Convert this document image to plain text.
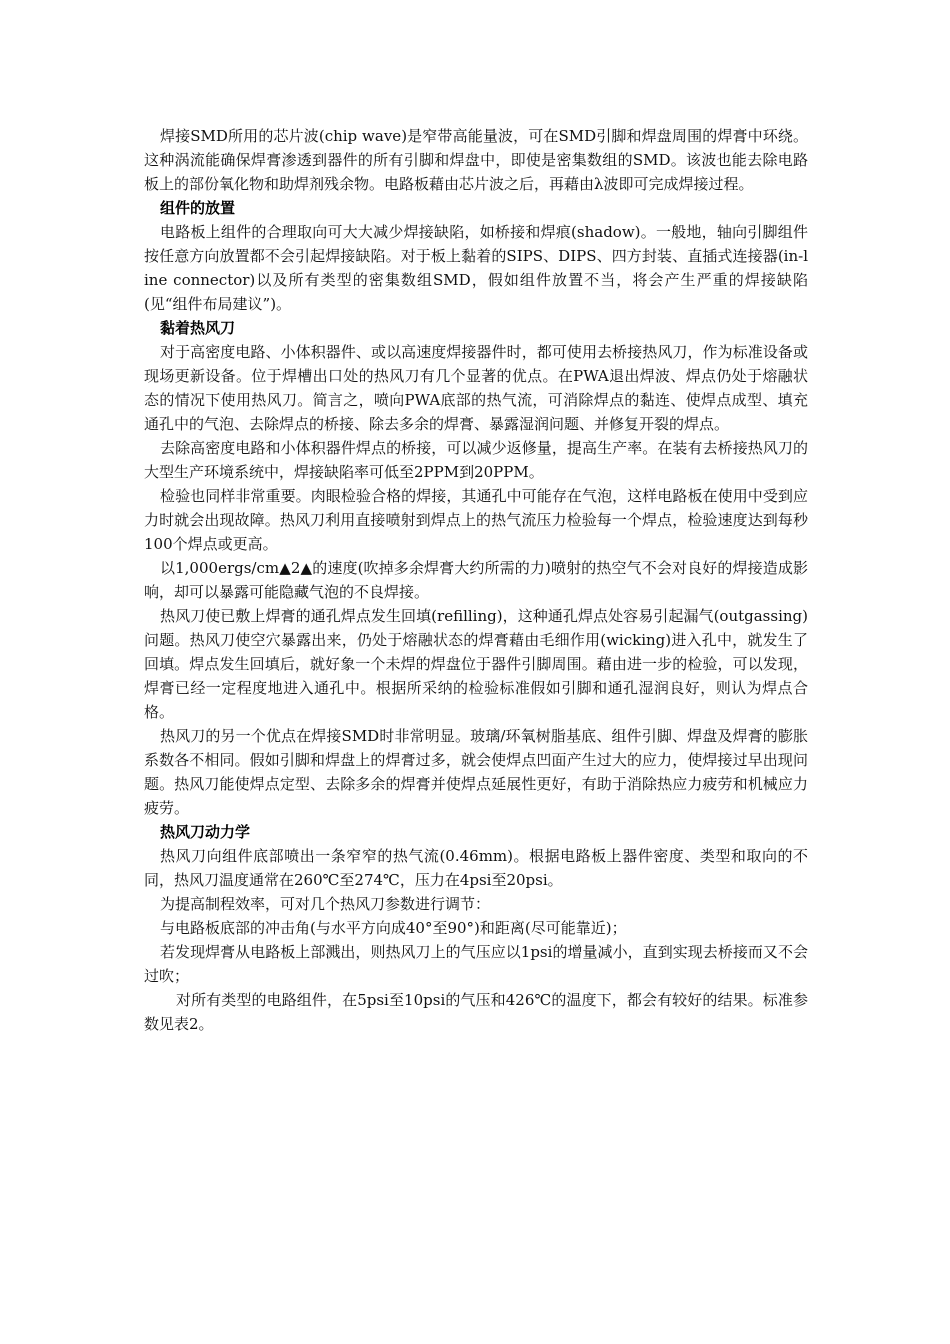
焊接SMD所用的芯片波(chip wave)是窄带高能量波，可在SMD引脚和焊盘周围的焊膏中环绕。这种涡流能确保焊膏渗透到器件的所有引脚和焊盘中，即使是密集数组的SMD。该波也能去除电路板上的部份氧化物和助焊剂残余物。电路板藉由芯片波之后，再藉由λ波即可完成焊接过程。

组件的放置

电路板上组件的合理取向可大大减少焊接缺陷，如桥接和焊痕(shadow)。一般地，轴向引脚组件按任意方向放置都不会引起焊接缺陷。对于板上黏着的SIPS、DIPS、四方封装、直插式连接器(in-line connector)以及所有类型的密集数组SMD，假如组件放置不当，将会产生严重的焊接缺陷(见“组件布局建议”)。

黏着热风刀

对于高密度电路、小体积器件、或以高速度焊接器件时，都可使用去桥接热风刀，作为标准设备或现场更新设备。位于焊槽出口处的热风刀有几个显著的优点。在PWA退出焊波、焊点仍处于熔融状态的情况下使用热风刀。简言之，喷向PWA底部的热气流，可消除焊点的黏连、使焊点成型、填充通孔中的气泡、去除焊点的桥接、除去多余的焊膏、暴露湿润问题、并修复开裂的焊点。

去除高密度电路和小体积器件焊点的桥接，可以减少返修量，提高生产率。在装有去桥接热风刀的大型生产环境系统中，焊接缺陷率可低至2PPM到20PPM。

检验也同样非常重要。肉眼检验合格的焊接，其通孔中可能存在气泡，这样电路板在使用中受到应力时就会出现故障。热风刀利用直接喷射到焊点上的热气流压力检验每一个焊点，检验速度达到每秒100个焊点或更高。

以1,000ergs/cm▲2▲的速度(吹掉多余焊膏大约所需的力)喷射的热空气不会对良好的焊接造成影响，却可以暴露可能隐藏气泡的不良焊接。

热风刀使已敷上焊膏的通孔焊点发生回填(refilling)，这种通孔焊点处容易引起漏气(outgassing)问题。热风刀使空穴暴露出来，仍处于熔融状态的焊膏藉由毛细作用(wicking)进入孔中，就发生了回填。焊点发生回填后，就好象一个未焊的焊盘位于器件引脚周围。藉由进一步的检验，可以发现，焊膏已经一定程度地进入通孔中。根据所采纳的检验标准假如引脚和通孔湿润良好，则认为焊点合格。

热风刀的另一个优点在焊接SMD时非常明显。玻璃/环氧树脂基底、组件引脚、焊盘及焊膏的膨胀系数各不相同。假如引脚和焊盘上的焊膏过多，就会使焊点凹面产生过大的应力，使焊接过早出现问题。热风刀能使焊点定型、去除多余的焊膏并使焊点延展性更好，有助于消除热应力疲劳和机械应力疲劳。

热风刀动力学

热风刀向组件底部喷出一条窄窄的热气流(0.46mm)。根据电路板上器件密度、类型和取向的不同，热风刀温度通常在260℃至274℃，压力在4psi至20psi。

为提高制程效率，可对几个热风刀参数进行调节：

与电路板底部的冲击角(与水平方向成40°至90°)和距离(尽可能靠近)；

若发现焊膏从电路板上部溅出，则热风刀上的气压应以1psi的增量减小，直到实现去桥接而又不会过吹；

对所有类型的电路组件，在5psi至10psi的气压和426℃的温度下，都会有较好的结果。标准参数见表2。
